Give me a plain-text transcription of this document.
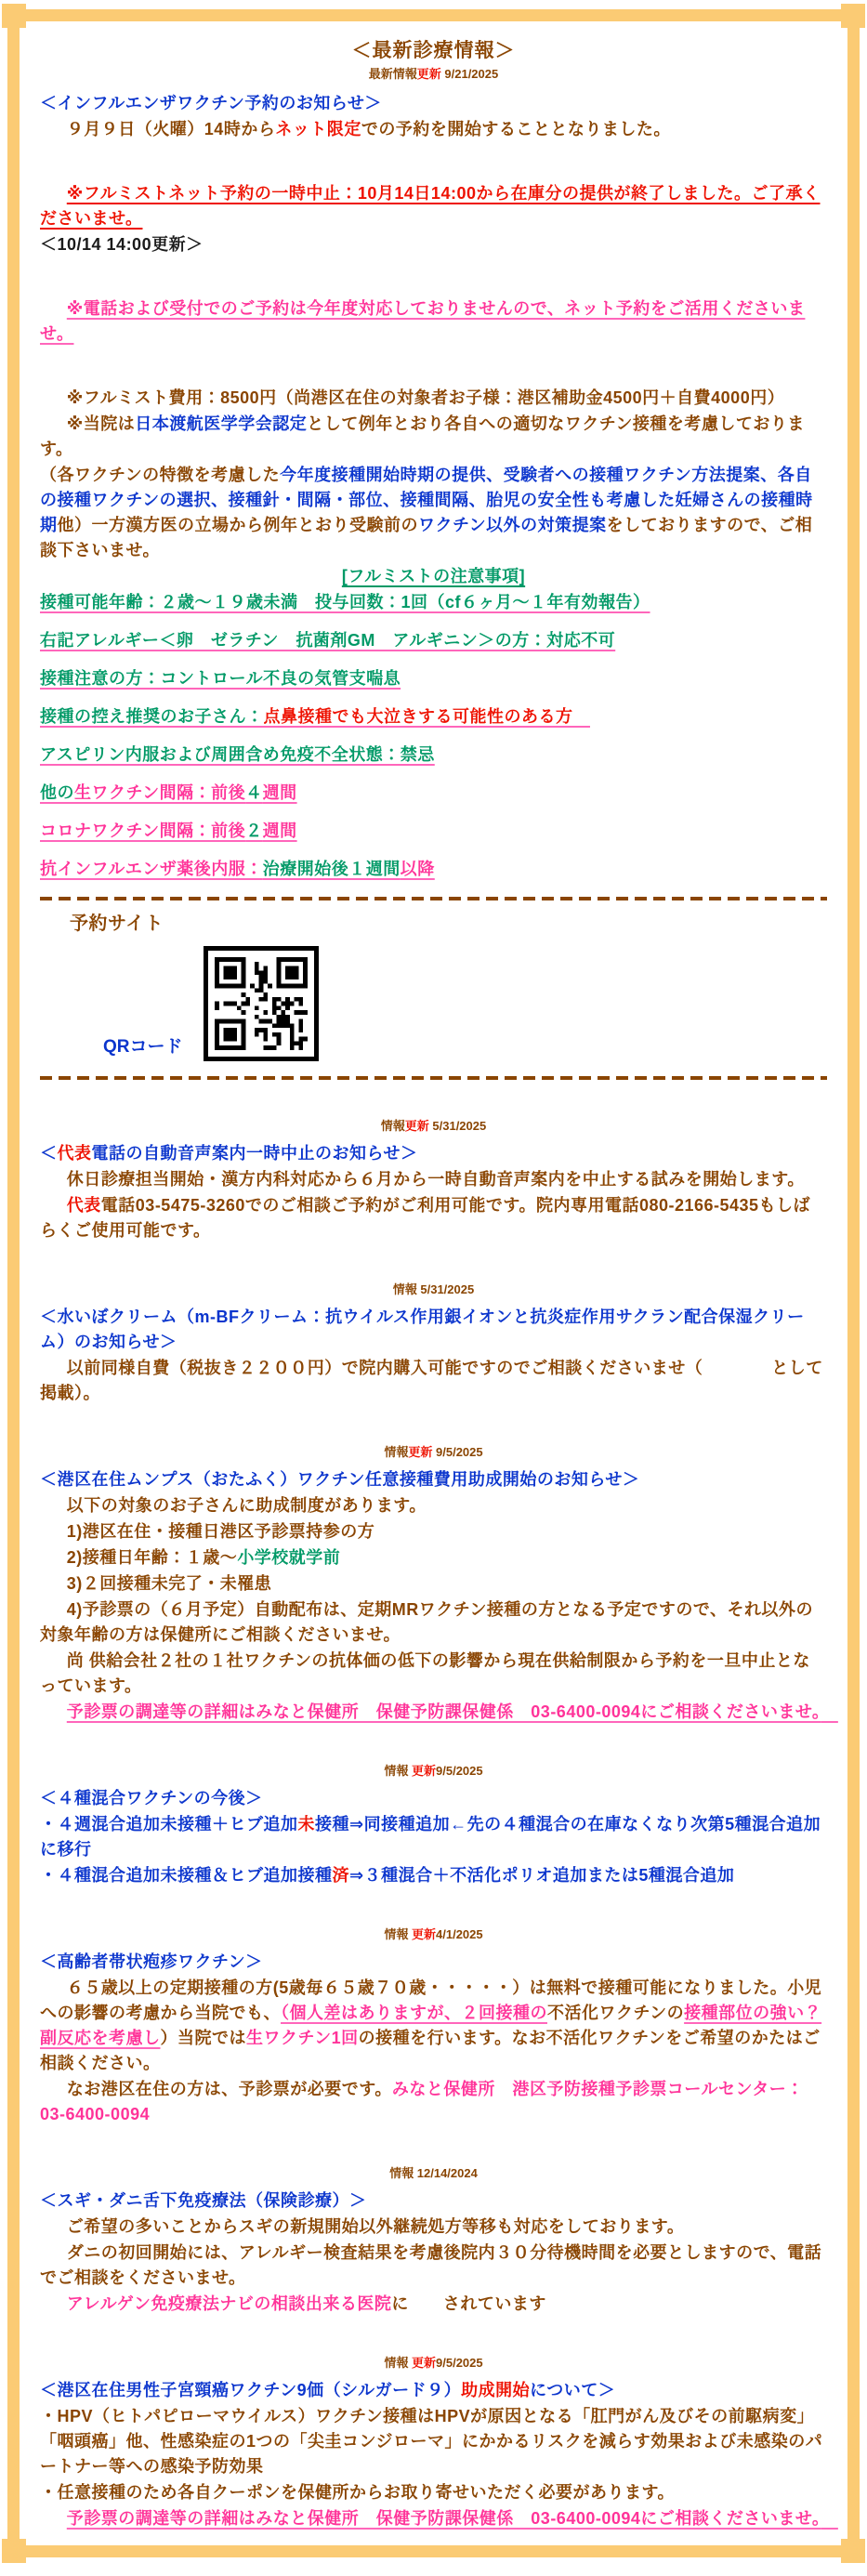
＜最新診療情報＞
最新情報更新 9/21/2025
＜インフルエンザワクチン予約のお知らせ＞
９月９日（火曜）14時からネット限定での予約を開始することとなりました。
※フルミストネット予約の一時中止：10月14日14:00から在庫分の提供が終了しました。ご了承くださいませ。
＜10/14 14:00更新＞
※電話および受付でのご予約は今年度対応しておりませんので、ネット予約をご活用くださいませ。
※フルミスト費用：8500円（尚港区在住の対象者お子様：港区補助金4500円＋自費4000円）
※当院は日本渡航医学学会認定として例年とおり各自への適切なワクチン接種を考慮しております。
（各ワクチンの特徴を考慮した今年度接種開始時期の提供、受験者への接種ワクチン方法提案、各自の接種ワクチンの選択、接種針・間隔・部位、接種間隔、胎児の安全性も考慮した妊婦さんの接種時期他）一方漢方医の立場から例年とおり受験前のワクチン以外の対策提案をしておりますので、ご相談下さいませ。
[フルミストの注意事項]
接種可能年齢：２歳～１９歳未満　投与回数：1回（cf６ヶ月～１年有効報告）
右記アレルギー＜卵　ゼラチン　抗菌剤GM　アルギニン＞の方：対応不可
接種注意の方：コントロール不良の気管支喘息
接種の控え推奨のお子さん：点鼻接種でも大泣きする可能性のある方　
アスピリン内服および周囲含め免疫不全状態：禁忌
他の生ワクチン間隔：前後４週間
コロナワクチン間隔：前後２週間
抗インフルエンザ薬後内服：治療開始後１週間以降
予約サイト
QRコード
情報更新 5/31/2025
＜代表電話の自動音声案内一時中止のお知らせ＞
休日診療担当開始・漢方内科対応から６月から一時自動音声案内を中止する試みを開始します。
代表電話03-5475-3260でのご相談ご予約がご利用可能です。院内専用電話080-2166-5435もしばらくご使用可能です。
情報 5/31/2025
＜水いぼクリーム（m-BFクリーム：抗ウイルス作用銀イオンと抗炎症作用サクラン配合保湿クリーム）のお知らせ＞
以前同様自費（税抜き２２００円）で院内購入可能ですのでご相談くださいませ（　　　　として掲載）。
情報更新 9/5/2025
＜港区在住ムンプス（おたふく）ワクチン任意接種費用助成開始のお知らせ＞
以下の対象のお子さんに助成制度があります。
1)港区在住・接種日港区予診票持参の方
2)接種日年齢：１歳～小学校就学前
3)２回接種未完了・未罹患
4)予診票の（６月予定）自動配布は、定期MRワクチン接種の方となる予定ですので、それ以外の対象年齢の方は保健所にご相談くださいませ。
尚 供給会社２社の１社ワクチンの抗体価の低下の影響から現在供給制限から予約を一旦中止となっています。
予診票の調達等の詳細はみなと保健所　保健予防課保健係　03-6400-0094にご相談くださいませ。　
情報 更新9/5/2025
＜４種混合ワクチンの今後＞
・４週混合追加未接種＋ヒブ追加未接種⇒同接種追加←先の４種混合の在庫なくなり次第5種混合追加に移行
・４種混合追加未接種＆ヒブ追加接種済⇒３種混合＋不活化ポリオ追加または5種混合追加
情報 更新4/1/2025
＜高齢者帯状疱疹ワクチン＞
６５歳以上の定期接種の方(5歳毎６５歳７０歳・・・・・）は無料で接種可能になりました。小児への影響の考慮から当院でも、（個人差はありますが、２回接種の不活化ワクチンの接種部位の強い？副反応を考慮し）当院では生ワクチン1回の接種を行います。なお不活化ワクチンをご希望のかたはご相談ください。
なお港区在住の方は、予診票が必要です。みなと保健所　港区予防接種予診票コールセンター：03-6400-0094
情報 12/14/2024
＜スギ・ダニ舌下免疫療法（保険診療）＞
ご希望の多いことからスギの新規開始以外継続処方等移も対応をしております。
ダニの初回開始には、アレルギー検査結果を考慮後院内３０分待機時間を必要としますので、電話でご相談をくださいませ。
アレルゲン免疫療法ナビの相談出来る医院に　　されています
情報 更新9/5/2025
＜港区在住男性子宮頸癌ワクチン9価（シルガード９）助成開始について＞
・HPV（ヒトパピローマウイルス）ワクチン接種はHPVが原因となる「肛門がん及びその前駆病変」「咽頭癌」他、性感染症の1つの「尖圭コンジローマ」にかかるリスクを減らす効果および未感染のパートナー等への感染予防効果
・任意接種のため各自クーポンを保健所からお取り寄せいただく必要があります。
予診票の調達等の詳細はみなと保健所　保健予防課保健係　03-6400-0094にご相談くださいませ。　
